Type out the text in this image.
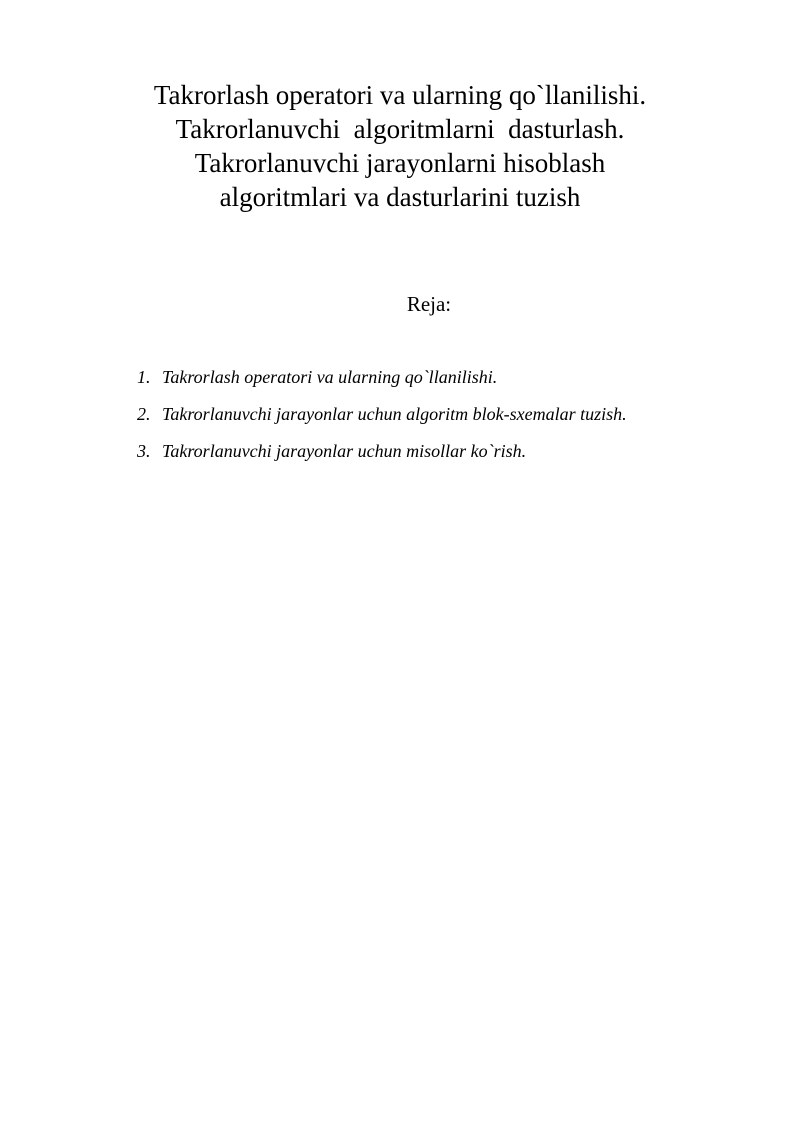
Takrorlash operatori va ularning qo`llanilishi.
Takrorlanuvchi  algoritmlarni  dasturlash.
Takrorlanuvchi jarayonlarni hisoblash
algoritmlari va dasturlarini tuzish
Reja:
1. Takrorlash operatori va ularning qo`llanilishi.
2. Takrorlanuvchi jarayonlar uchun algoritm blok-sxemalar tuzish.
3. Takrorlanuvchi jarayonlar uchun misollar ko`rish.
